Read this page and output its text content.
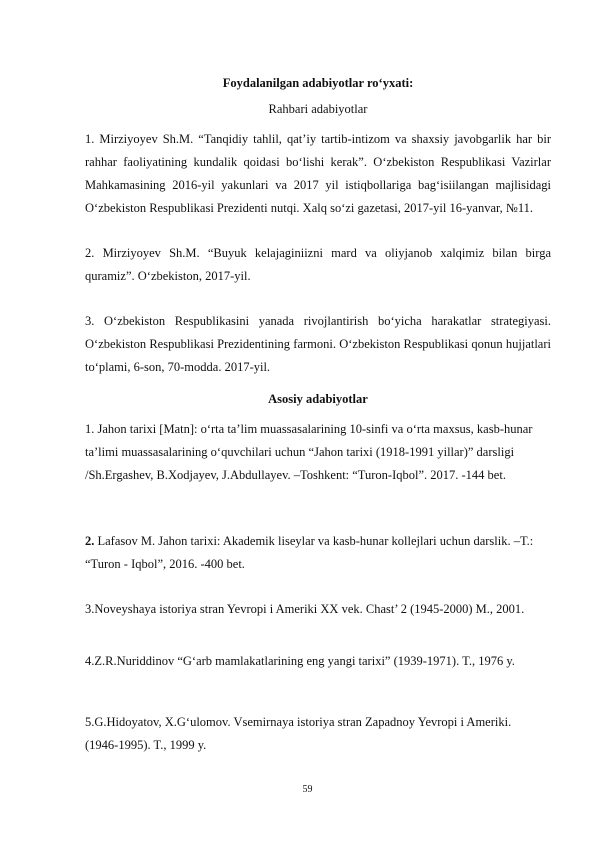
Foydalanilgan adabiyotlar ro‘yxati:
Rahbari adabiyotlar
1. Mirziyoyev Sh.M. “Tanqidiy tahlil, qat’iy tartib-intizom va shaxsiy javobgarlik har bir rahhar faoliyatining kundalik qoidasi bo‘lishi kerak”. O‘zbekiston Respublikasi Vazirlar Mahkamasining 2016-yil yakunlari va 2017 yil istiqbollariga bag‘isiilangan majlisidagi O‘zbekiston Respublikasi Prezidenti nutqi. Xalq so‘zi gazetasi, 2017-yil 16-yanvar, №11.
2. Mirziyoyev Sh.M. “Buyuk kelajaginiizni mard va oliyjanob xalqimiz bilan birga quramiz”. O‘zbekiston, 2017-yil.
3. O‘zbekiston Respublikasini yanada rivojlantirish bo‘yicha harakatlar strategiyasi. O‘zbekiston Respublikasi Prezidentining farmoni. O‘zbekiston Respublikasi qonun hujjatlari to‘plami, 6-son, 70-modda. 2017-yil.
Asosiy adabiyotlar
1. Jahon tarixi [Matn]: o‘rta ta’lim muassasalarining 10-sinfi va o‘rta maxsus, kasb-hunar ta’limi muassasalarining o‘quvchilari uchun “Jahon tarixi (1918-1991 yillar)” darsligi /Sh.Ergashev, B.Xodjayev, J.Abdullayev. –Toshkent: “Turon-Iqbol”. 2017. -144 bet.
2. Lafasov M. Jahon tarixi: Akademik liseylar va kasb-hunar kollejlari uchun darslik. –T.: “Turon - Iqbol”, 2016. -400 bet.
3.Noveyshaya istoriya stran Yevropi i Ameriki XX vek. Chast’ 2 (1945-2000) M., 2001.
4.Z.R.Nuriddinov “G‘arb mamlakatlarining eng yangi tarixi” (1939-1971). T., 1976 y.
5.G.Hidoyatov, X.G‘ulomov. Vsemirnaya istoriya stran Zapadnoy Yevropi i Ameriki. (1946-1995). T., 1999 y.
59
